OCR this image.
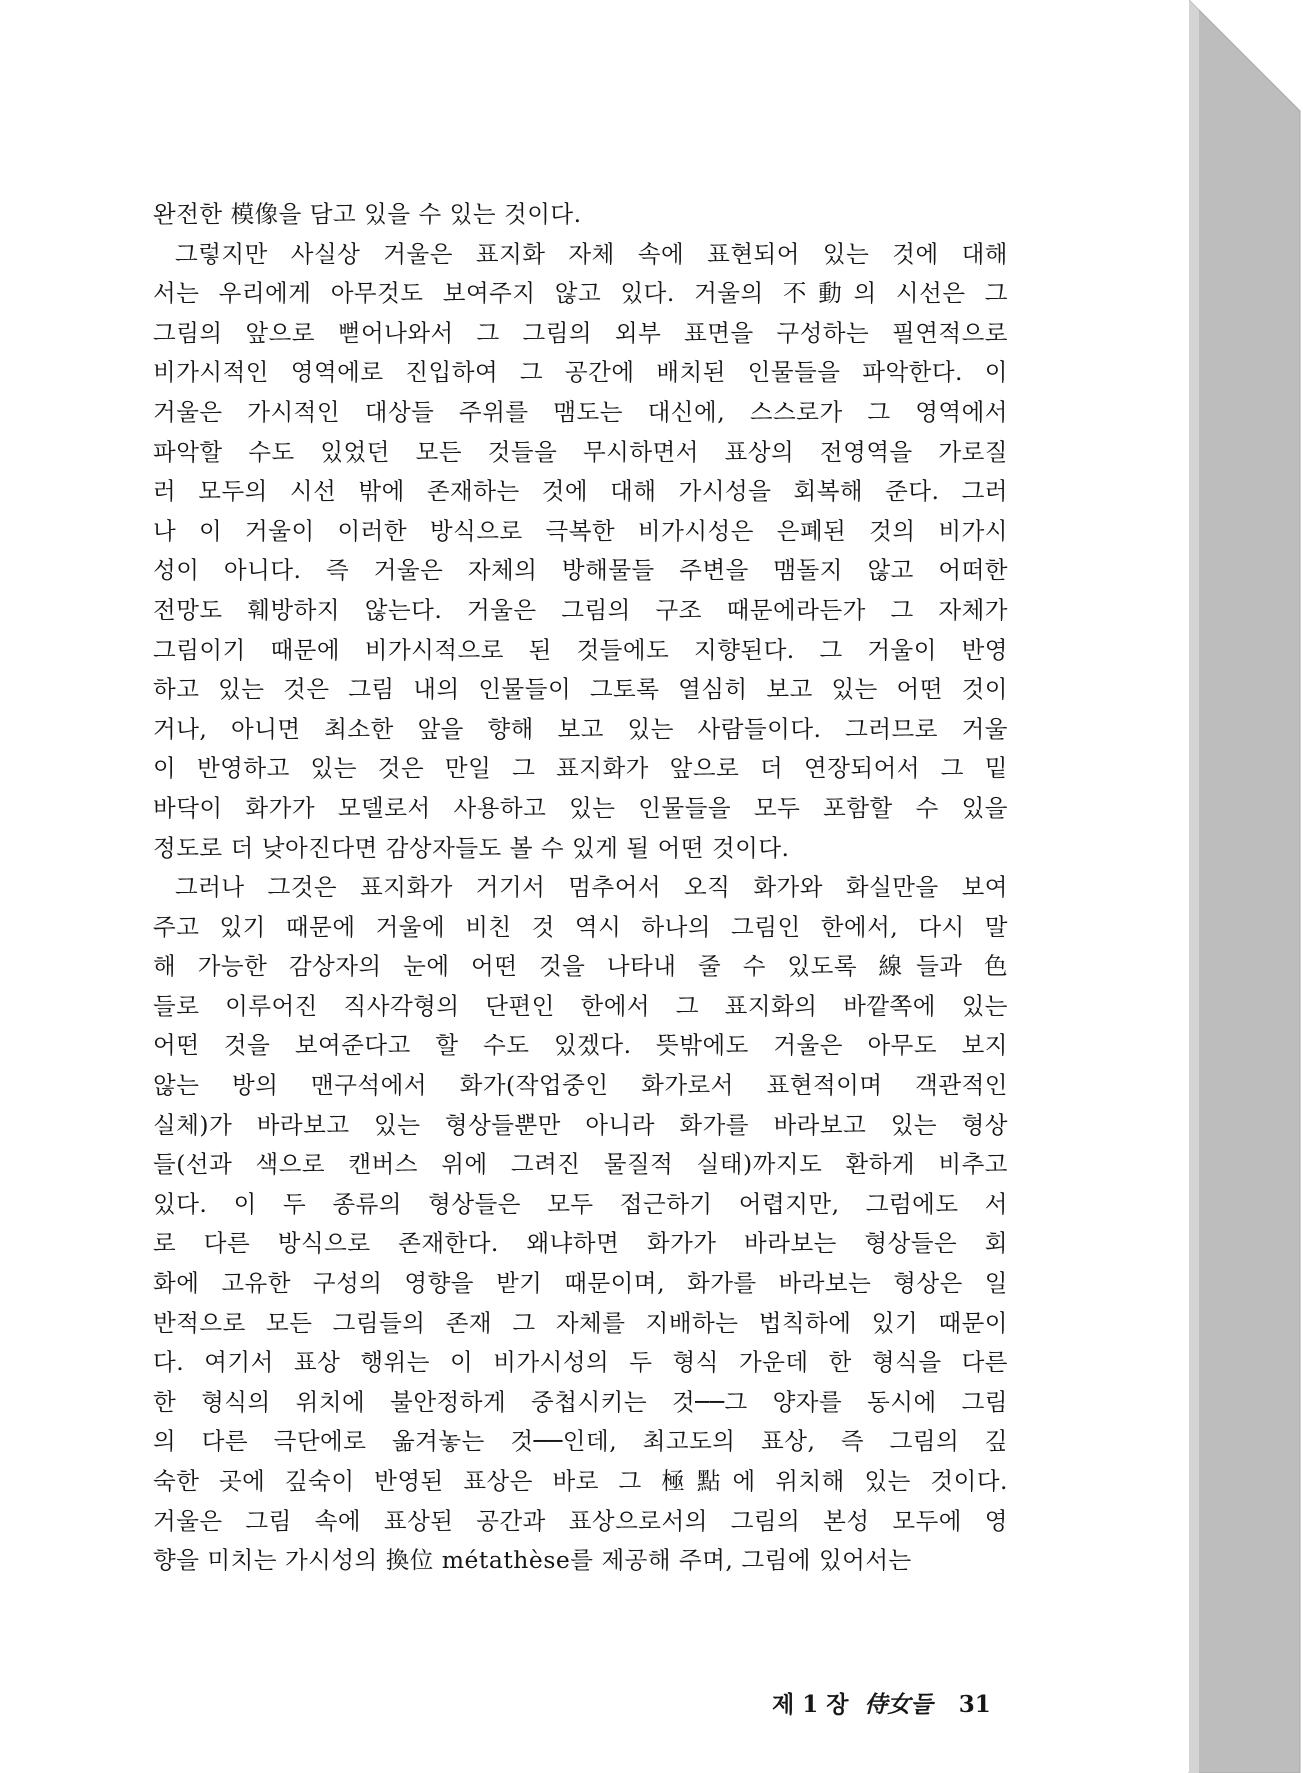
완전한 模像을 담고 있을 수 있는 것이다.
그렇지만 사실상 거울은 표지화 자체 속에 표현되어 있는 것에 대해
서는 우리에게 아무것도 보여주지 않고 있다. 거울의 不動의 시선은 그
그림의 앞으로 뻗어나와서 그 그림의 외부 표면을 구성하는 필연적으로
비가시적인 영역에로 진입하여 그 공간에 배치된 인물들을 파악한다. 이
거울은 가시적인 대상들 주위를 맴도는 대신에, 스스로가 그 영역에서
파악할 수도 있었던 모든 것들을 무시하면서 표상의 전영역을 가로질
러 모두의 시선 밖에 존재하는 것에 대해 가시성을 회복해 준다. 그러
나 이 거울이 이러한 방식으로 극복한 비가시성은 은폐된 것의 비가시
성이 아니다. 즉 거울은 자체의 방해물들 주변을 맴돌지 않고 어떠한
전망도 훼방하지 않는다. 거울은 그림의 구조 때문에라든가 그 자체가
그림이기 때문에 비가시적으로 된 것들에도 지향된다. 그 거울이 반영
하고 있는 것은 그림 내의 인물들이 그토록 열심히 보고 있는 어떤 것이
거나, 아니면 최소한 앞을 향해 보고 있는 사람들이다. 그러므로 거울
이 반영하고 있는 것은 만일 그 표지화가 앞으로 더 연장되어서 그 밑
바닥이 화가가 모델로서 사용하고 있는 인물들을 모두 포함할 수 있을
정도로 더 낮아진다면 감상자들도 볼 수 있게 될 어떤 것이다.
그러나 그것은 표지화가 거기서 멈추어서 오직 화가와 화실만을 보여
주고 있기 때문에 거울에 비친 것 역시 하나의 그림인 한에서, 다시 말
해 가능한 감상자의 눈에 어떤 것을 나타내 줄 수 있도록 線들과 色
들로 이루어진 직사각형의 단편인 한에서 그 표지화의 바깥쪽에 있는
어떤 것을 보여준다고 할 수도 있겠다. 뜻밖에도 거울은 아무도 보지
않는 방의 맨구석에서 화가(작업중인 화가로서 표현적이며 객관적인
실체)가 바라보고 있는 형상들뿐만 아니라 화가를 바라보고 있는 형상
들(선과 색으로 캔버스 위에 그려진 물질적 실태)까지도 환하게 비추고
있다. 이 두 종류의 형상들은 모두 접근하기 어렵지만, 그럼에도 서
로 다른 방식으로 존재한다. 왜냐하면 화가가 바라보는 형상들은 회
화에 고유한 구성의 영향을 받기 때문이며, 화가를 바라보는 형상은 일
반적으로 모든 그림들의 존재 그 자체를 지배하는 법칙하에 있기 때문이
다. 여기서 표상 행위는 이 비가시성의 두 형식 가운데 한 형식을 다른
한 형식의 위치에 불안정하게 중첩시키는 것──그 양자를 동시에 그림
의 다른 극단에로 옮겨놓는 것──인데, 최고도의 표상, 즉 그림의 깊
숙한 곳에 깊숙이 반영된 표상은 바로 그 極點에 위치해 있는 것이다.
거울은 그림 속에 표상된 공간과 표상으로서의 그림의 본성 모두에 영
향을 미치는 가시성의 換位 métathèse를 제공해 주며, 그림에 있어서는
제 1 장 侍女들 31
